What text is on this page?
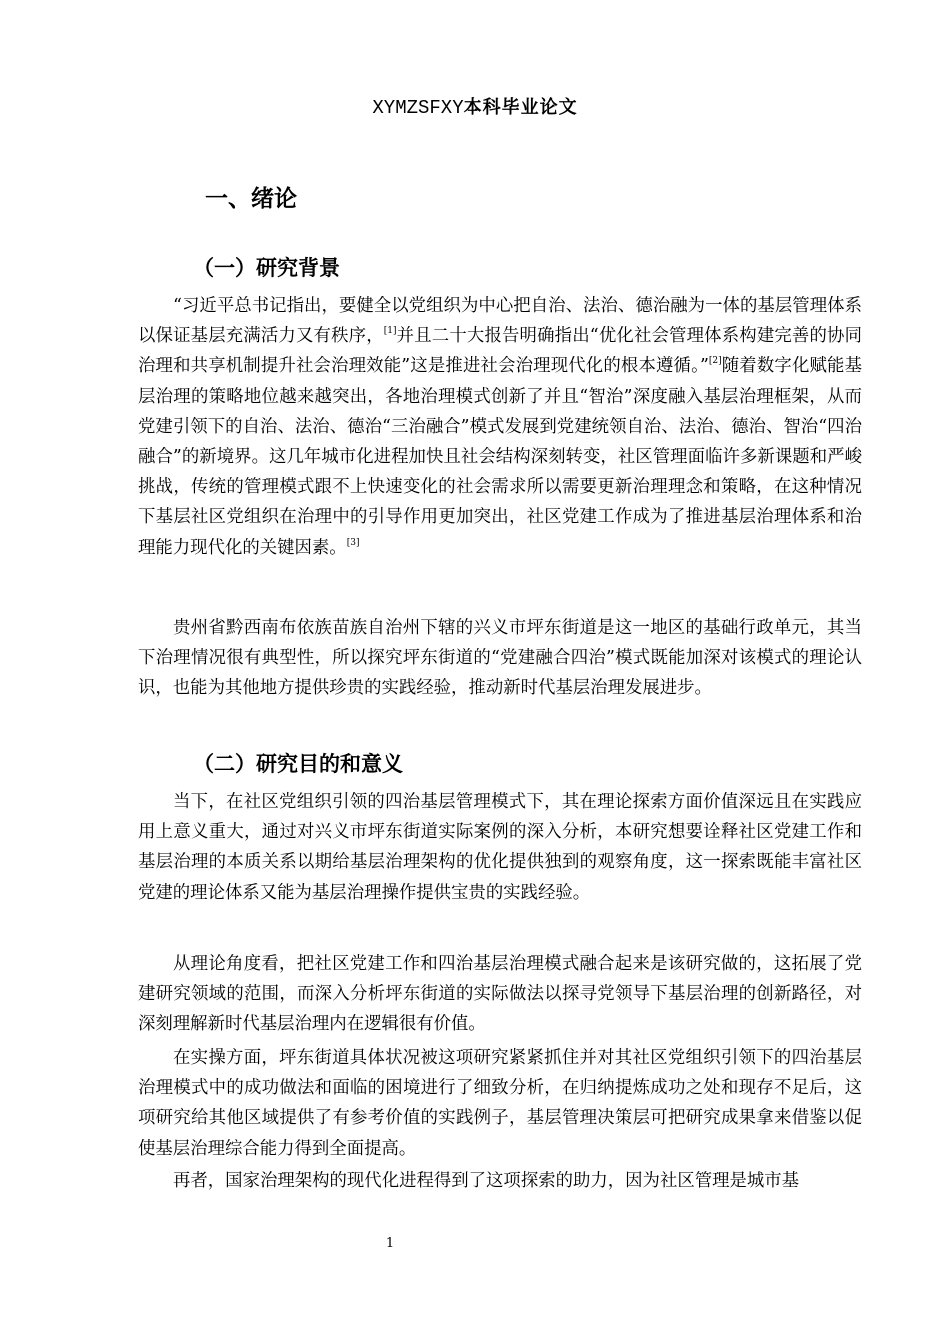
XYMZSFXY本科毕业论文
一、绪论
（一）研究背景

“习近平总书记指出，要健全以党组织为中心把自治、法治、德治融为一体的基层管理体系以保证基层充满活力又有秩序，[1]并且二十大报告明确指出“优化社会管理体系构建完善的协同治理和共享机制提升社会治理效能”这是推进社会治理现代化的根本遵循。”[2]随着数字化赋能基层治理的策略地位越来越突出，各地治理模式创新了并且“智治”深度融入基层治理框架，从而党建引领下的自治、法治、德治“三治融合”模式发展到党建统领自治、法治、德治、智治“四治融合”的新境界。这几年城市化进程加快且社会结构深刻转变，社区管理面临许多新课题和严峻挑战，传统的管理模式跟不上快速变化的社会需求所以需要更新治理理念和策略，在这种情况下基层社区党组织在治理中的引导作用更加突出，社区党建工作成为了推进基层治理体系和治理能力现代化的关键因素。[3]

贵州省黔西南布依族苗族自治州下辖的兴义市坪东街道是这一地区的基础行政单元，其当下治理情况很有典型性，所以探究坪东街道的“党建融合四治”模式既能加深对该模式的理论认识，也能为其他地方提供珍贵的实践经验，推动新时代基层治理发展进步。

（二）研究目的和意义

当下，在社区党组织引领的四治基层管理模式下，其在理论探索方面价值深远且在实践应用上意义重大，通过对兴义市坪东街道实际案例的深入分析，本研究想要诠释社区党建工作和基层治理的本质关系以期给基层治理架构的优化提供独到的观察角度，这一探索既能丰富社区党建的理论体系又能为基层治理操作提供宝贵的实践经验。

从理论角度看，把社区党建工作和四治基层治理模式融合起来是该研究做的，这拓展了党建研究领域的范围，而深入分析坪东街道的实际做法以探寻党领导下基层治理的创新路径，对深刻理解新时代基层治理内在逻辑很有价值。

在实操方面，坪东街道具体状况被这项研究紧紧抓住并对其社区党组织引领下的四治基层治理模式中的成功做法和面临的困境进行了细致分析，在归纳提炼成功之处和现存不足后，这项研究给其他区域提供了有参考价值的实践例子，基层管理决策层可把研究成果拿来借鉴以促使基层治理综合能力得到全面提高。

再者，国家治理架构的现代化进程得到了这项探索的助力，因为社区管理是城市基

1
